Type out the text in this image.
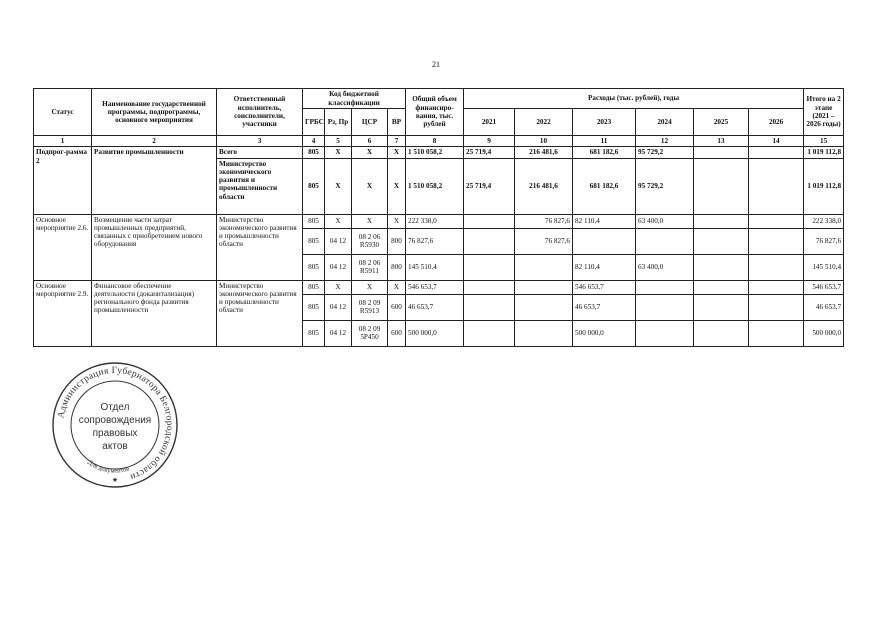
21
Статус	Наименование государственной программы, подпрограммы, основного мероприятия	Ответственный исполнитель, соисполнители, участники	Код бюджетной классификации				Общий объем финансиро-вания, тыс. рублей	Расходы (тыс. рублей), годы						Итого на 2 этапе (2021 – 2026 годы)
			ГРБС	Рз, Пр	ЦСР	ВР		2021	2022	2023	2024	2025	2026	
1	2	3	4	5	6	7	8	9	10	11	12	13	14	15
Подпрог-рамма 2	Развитие промышленности	Всего	805	Х	Х	Х	1 510 058,2	25 719,4	216 481,6	681 182,6	95 729,2			1 019 112,8
		Министерство экономического развития и промышленности области	805	Х	Х	Х	1 510 058,2	25 719,4	216 481,6	681 182,6	95 729,2			1 019 112,8
Основное мероприятие 2.6.	Возмещение части затрат промышленных предприятий, связанных с приобретением нового оборудования	Министерство экономического развития и промышленности области	805	Х	Х	Х	222 338,0		76 827,6	82 110,4	63 400,0			222 338,0
			805	04 12	08 2 06 R5930	800	76 827,6		76 827,6					76 827,6
			805	04 12	08 2 06 R5911	800	145 510,4			82 110,4	63 400,0			145 510,4
Основное мероприятие 2.9.	Финансовое обеспечение деятельности (докапитализация) регионального фонда развития промышленности	Министерство экономического развития и промышленности области	805	Х	Х	Х	546 653,7			546 653,7				546 653,7
			805	04 12	08 2 09 R5913	600	46 653,7			46 653,7				46 653,7
			805	04 12	08 2 09 5Р450	600	500 000,0			500 000,0				500 000,0
Администрация Губернатора Белгородской области
Для документов
Отдел
сопровождения
правовых
актов
★
